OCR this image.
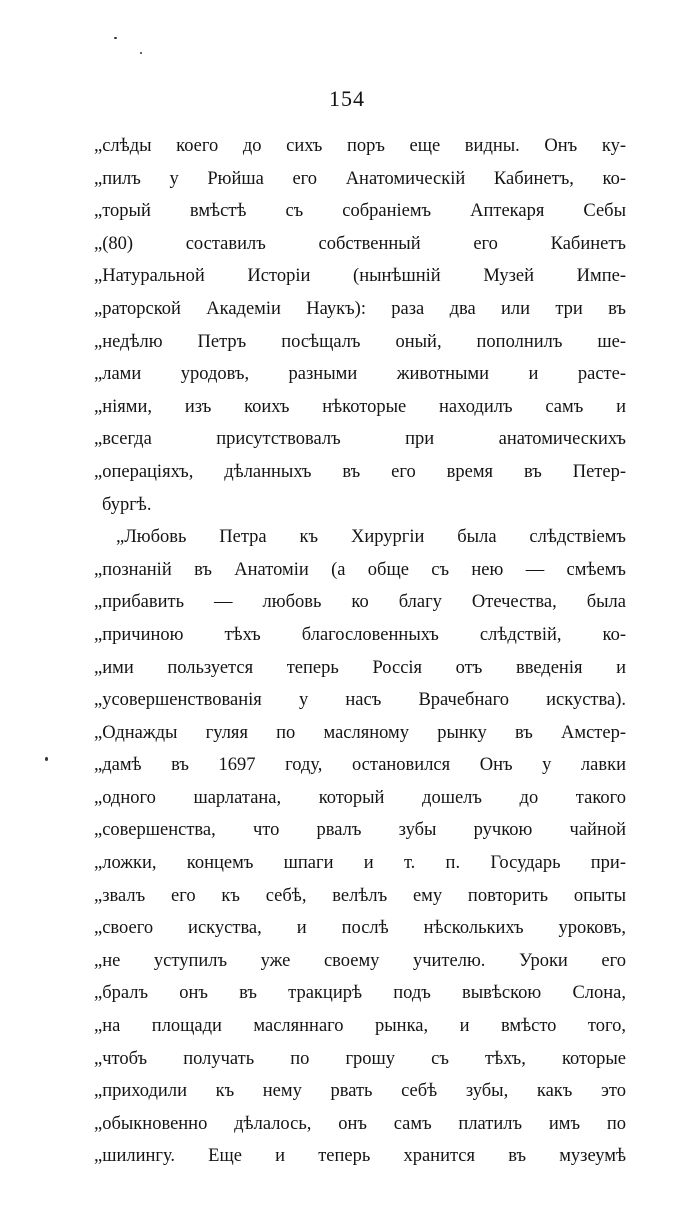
154
„слѣды коего до сихъ поръ еще видны. Онъ ку-
„пилъ у Рюйша его Анатомическій Кабинетъ, ко-
„торый вмѣстѣ съ собраніемъ Аптекаря Себы
„(80) составилъ собственный его Кабинетъ
„Натуральной Исторіи (нынѣшній Музей Импе-
„раторской Академіи Наукъ): раза два или три въ
„недѣлю Петръ посѣщалъ оный, пополнилъ ше-
„лами уродовъ, разными животными и расте-
„ніями, изъ коихъ нѣкоторые находилъ самъ и
„всегда присутствовалъ при анатомическихъ
„операціяхъ, дѣланныхъ въ его время въ Петер-
бургѣ.
„Любовь Петра къ Хирургіи была слѣдствіемъ
„познаній въ Анатоміи (а обще съ нею — смѣемъ
„прибавить — любовь ко благу Отечества, была
„причиною тѣхъ благословенныхъ слѣдствій, ко-
„ими пользуется теперь Россія отъ введенія и
„усовершенствованія у насъ Врачебнаго искуства).
„Однажды гуляя по масляному рынку въ Амстер-
„дамѣ въ 1697 году, остановился Онъ у лавки
„одного шарлатана, который дошелъ до такого
„совершенства, что рвалъ зубы ручкою чайной
„ложки, концемъ шпаги и т. п. Государь при-
„звалъ его къ себѣ, велѣлъ ему повторить опыты
„своего искуства, и послѣ нѣсколькихъ уроковъ,
„не уступилъ уже своему учителю. Уроки его
„бралъ онъ въ тракцирѣ подъ вывѣскою Слона,
„на площади масляннаго рынка, и вмѣсто того,
„чтобъ получать по грошу съ тѣхъ, которые
„приходили къ нему рвать себѣ зубы, какъ это
„обыкновенно дѣлалось, онъ самъ платилъ имъ по
„шилингу. Еще и теперь хранится въ музеумѣ
